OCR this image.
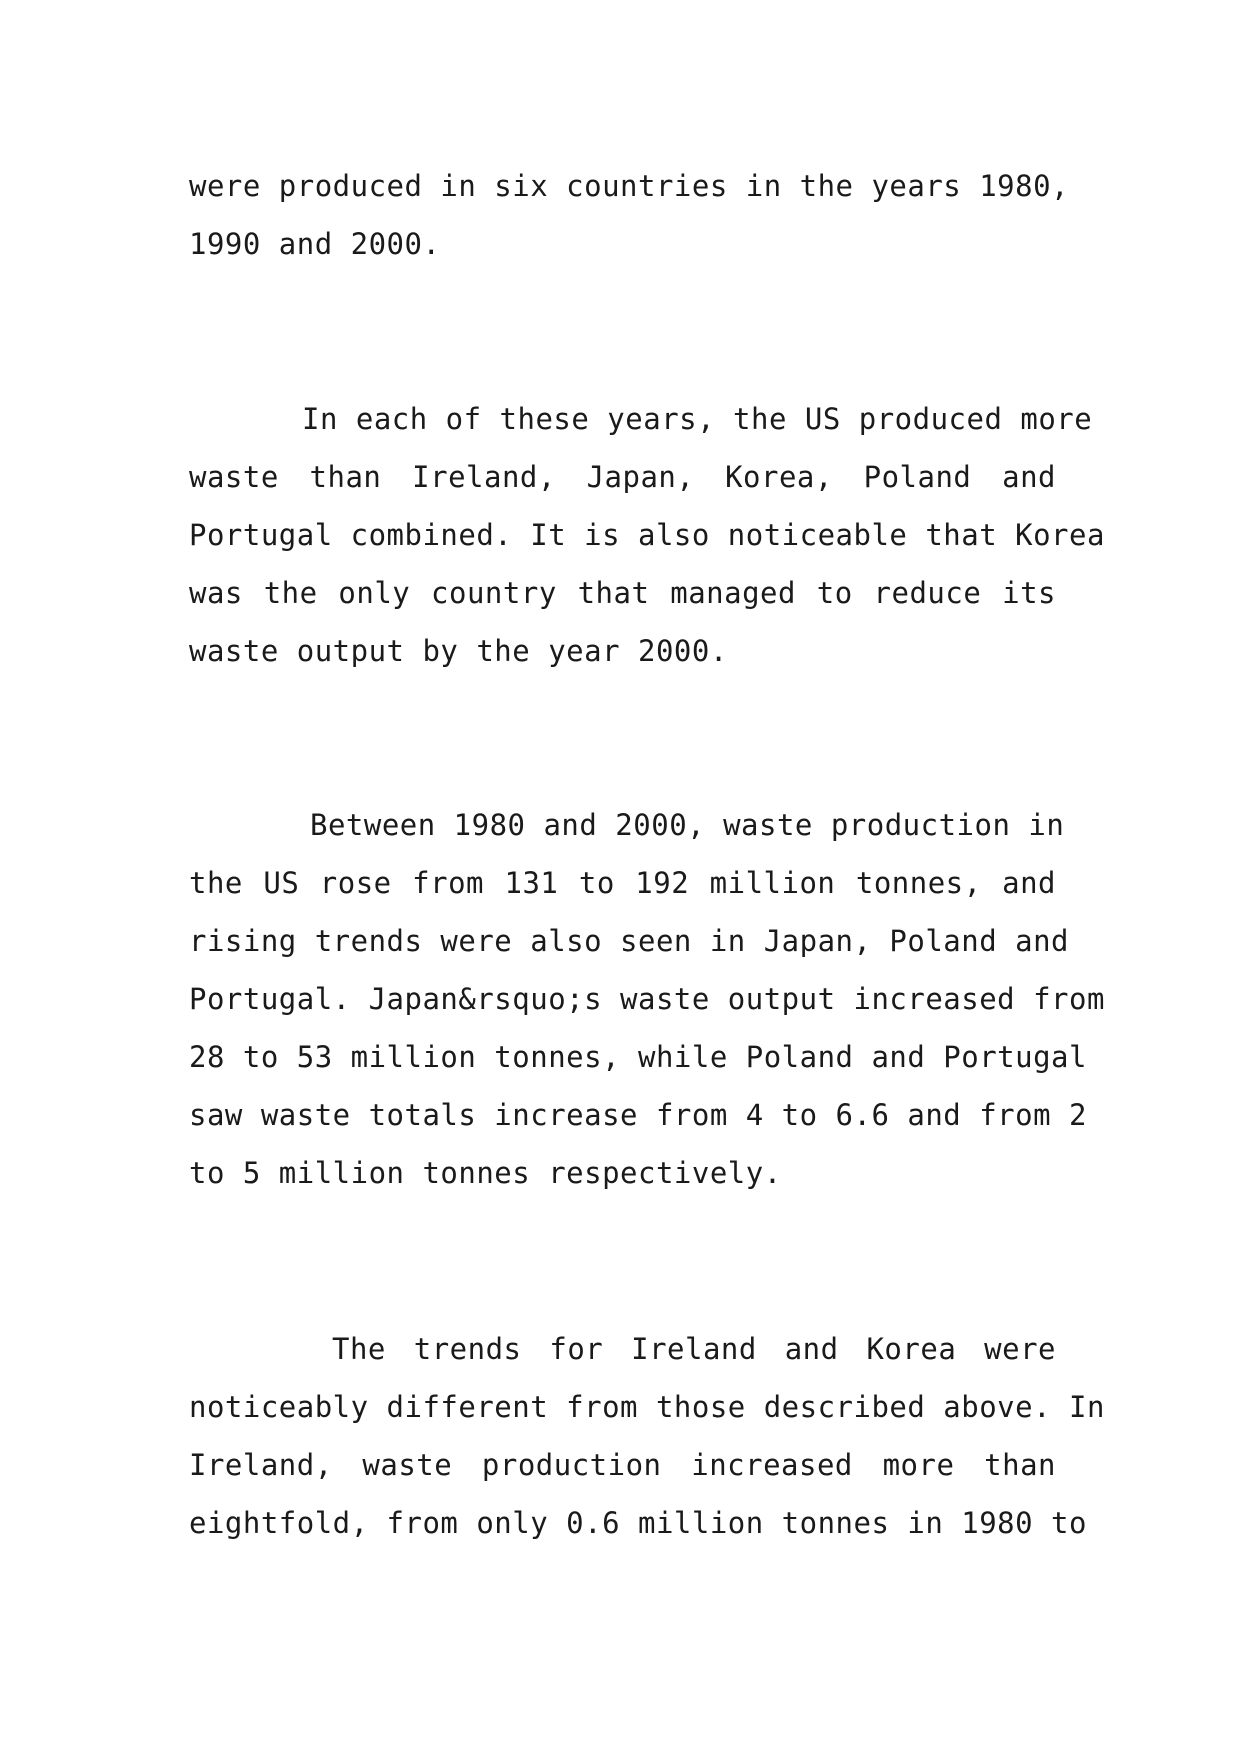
were produced in six countries in the years 1980,
1990 and 2000.
In each of these years, the US produced more
waste than Ireland, Japan, Korea, Poland and
Portugal combined. It is also noticeable that Korea
was the only country that managed to reduce its
waste output by the year 2000.
Between 1980 and 2000, waste production in
the US rose from 131 to 192 million tonnes, and
rising trends were also seen in Japan, Poland and
Portugal. Japan&rsquo;s waste output increased from
28 to 53 million tonnes, while Poland and Portugal
saw waste totals increase from 4 to 6.6 and from 2
to 5 million tonnes respectively.
The trends for Ireland and Korea were
noticeably different from those described above. In
Ireland, waste production increased more than
eightfold, from only 0.6 million tonnes in 1980 to
